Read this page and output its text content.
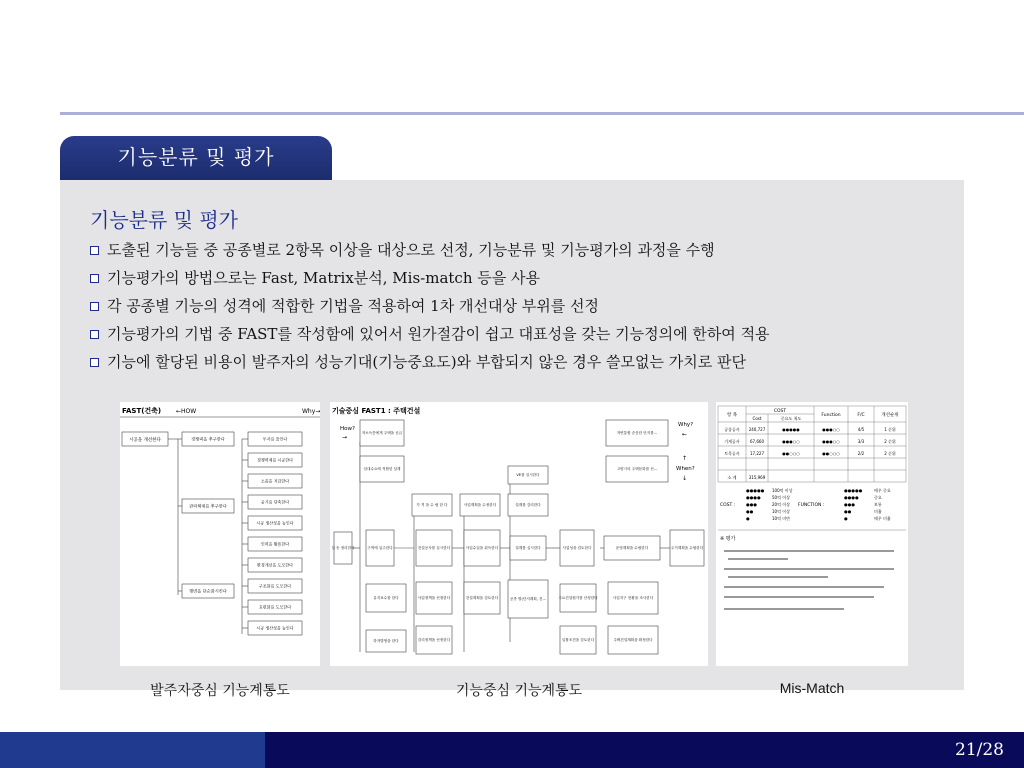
기능분류 및 평가
기능분류 및 평가
도출된 기능들 중 공종별로 2항목 이상을 대상으로 선정, 기능분류 및 기능평가의 과정을 수행
기능평가의 방법으로는 Fast, Matrix분석, Mis-match 등을 사용
각 공종별 기능의 성격에 적합한 기법을 적용하여 1차 개선대상 부위를 선정
기능평가의 기법 중 FAST를 작성함에 있어서 원가절감이 쉽고 대표성을 갖는 기능정의에 한하여 적용
기능에 할당된 비용이 발주자의 성능기대(기능중요도)와 부합되지 않은 경우 쓸모없는 가치로 판단
FAST(건축) ←HOW	Why→
시공을 개선한다	경쟁력을 추구한다
관리체제를 추구한다
행변을 단순화시킨다
투자를 줄인다
경쟁력제를 시공한다
소음을 저감한다
공기를 단축한다
시공 생산성을 높인다
인력을 활용한다
환경개선을 도모한다
구조화를 도모한다
효편화를 도모한다
시공 생산성을 높인다
기술중심 FAST1 : 주택건설
How?
Why?
When?
→	←
↑
↓
저소득층에게 주택을 공급
임대수요에 적합한 설계
VE를 실시한다
자연통합 순응한 단지를…
고양시의 주택문화를 선…
가 격 을 수 립 한 다	사업계획을 수정한다	설계를 감리한다
설 송 정리한다	구역에 입주한다	건설공사를 실시한다	사업수입을 취득한다	설계를 실시한다	사업성을 검토한다	운영계획을 수립한다	주거계획을 수립한다
유지보수를 한다	사업정책을 선정한다	건설계획을 검토한다	공종 별(단지계획, 건…	주요건설원가를 산정한다	사업지구 현황을 조사한다
하자발생을 한다	감리정책을 선정한다	입찰조건을 검토한다	주택건설계획을 확정한다
항 목
COST
Function	F/C	개선순위
Cost	중요도 척도
공종공사 240,727	●●●●●	●●●○○	4/5	1 순위
기계공사	67,660	●●●○○	●●●○○	3/3	2 순위
토목공사	17,227	●●○○○	●●○○○	2/2	2 순위
소 계	315,969
COST :	FUNCTION :
●●●●● 100억 이상
●●●●	50억 이상
●●●	20억 이상
●●	10억 이상
●	10억 미만
●●●●●	매우 중요
●●●●	중요
●●●	보통
●●	미흡
●	매우 미흡
※ 평가
발주자중심 기능계통도	기능중심 기능계통도	Mis-Match
21/28
